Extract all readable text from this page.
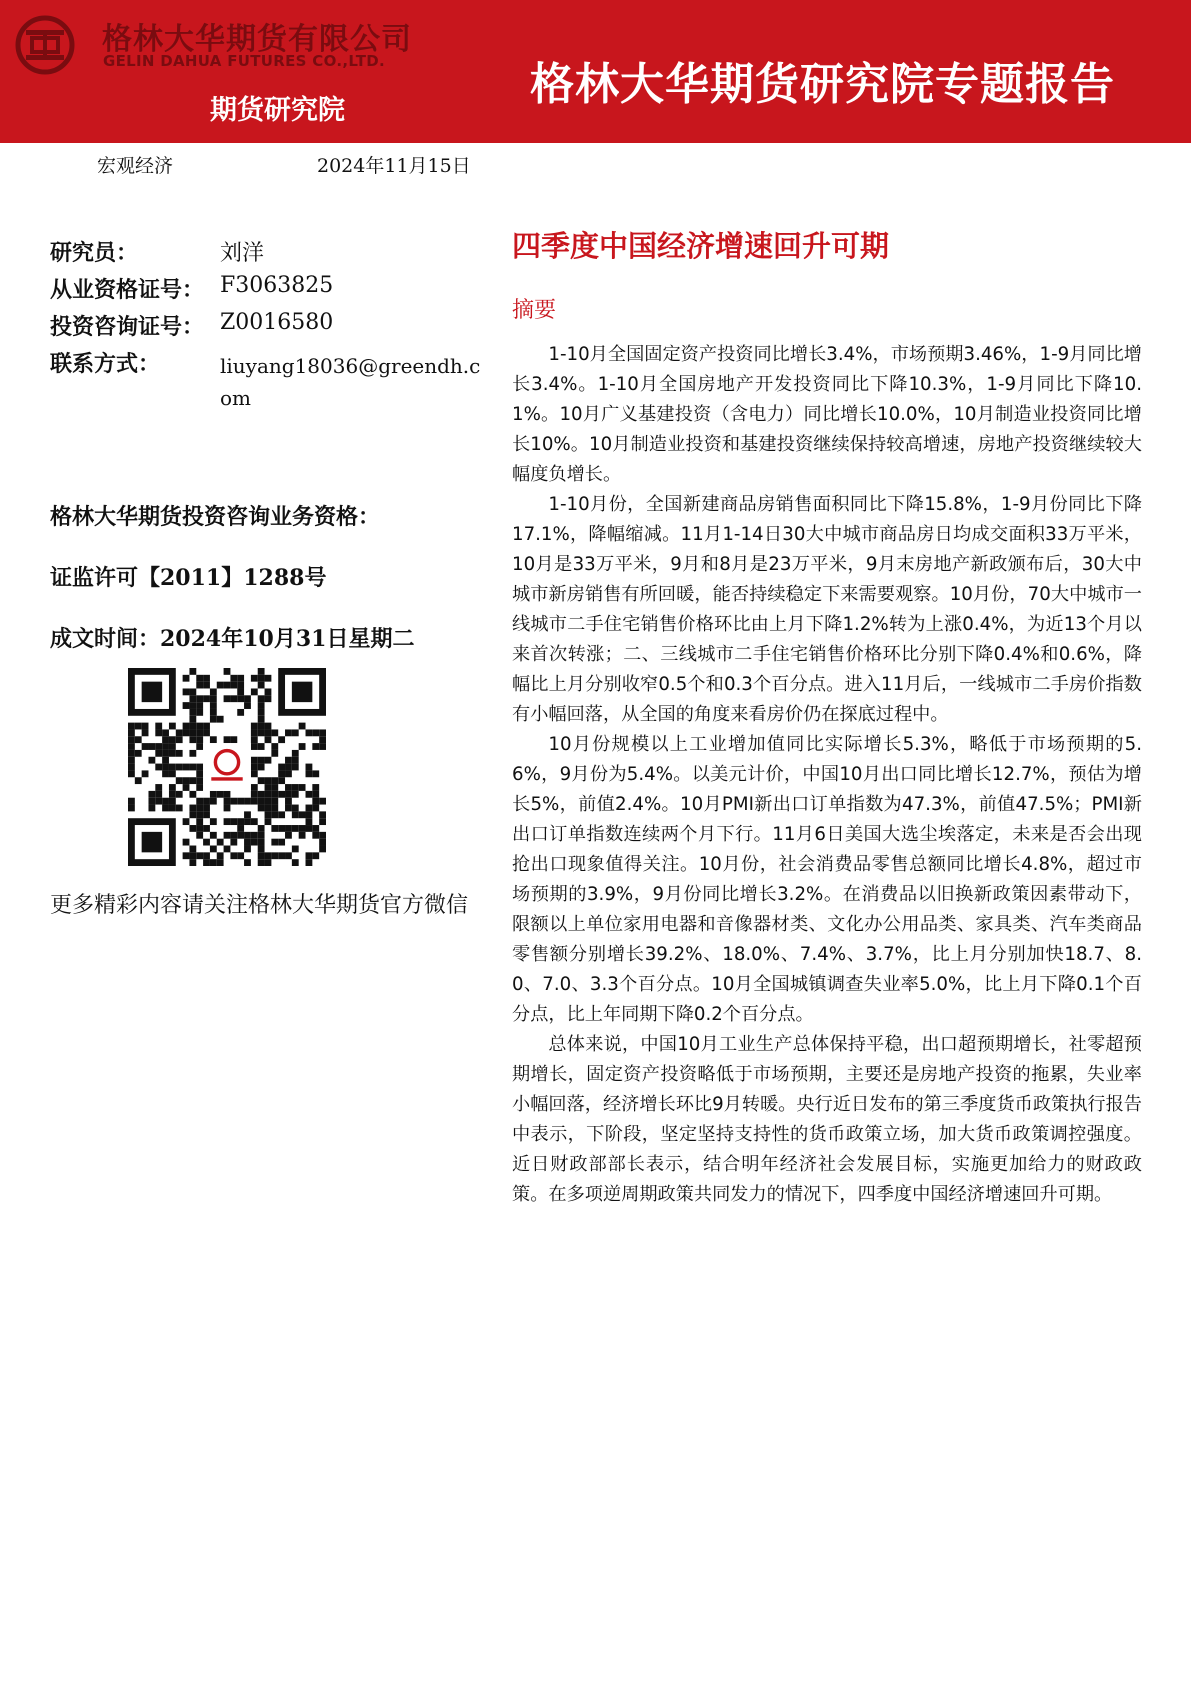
格林大华期货有限公司
GELIN DAHUA FUTURES CO.,LTD.
期货研究院
格林大华期货研究院专题报告
宏观经济	2024年11月15日
研究员：	刘洋
从业资格证号： F3063825
投资咨询证号： Z0016580
联系方式：	liuyang18036@greendh.com
格林大华期货投资咨询业务资格：
证监许可【2011】1288号
成文时间：2024年10月31日星期二
更多精彩内容请关注格林大华期货官方微信
四季度中国经济增速回升可期
摘要

1-10月全国固定资产投资同比增长3.4%，市场预期3.46%，1-9月同比增长3.4%。1-10月全国房地产开发投资同比下降10.3%，1-9月同比下降10.1%。10月广义基建投资（含电力）同比增长10.0%，10月制造业投资同比增长10%。10月制造业投资和基建投资继续保持较高增速，房地产投资继续较大幅度负增长。

1-10月份，全国新建商品房销售面积同比下降15.8%，1-9月份同比下降17.1%，降幅缩减。11月1-14日30大中城市商品房日均成交面积33万平米，10月是33万平米，9月和8月是23万平米，9月末房地产新政颁布后，30大中城市新房销售有所回暖，能否持续稳定下来需要观察。10月份，70大中城市一线城市二手住宅销售价格环比由上月下降1.2%转为上涨0.4%，为近13个月以来首次转涨；二、三线城市二手住宅销售价格环比分别下降0.4%和0.6%，降幅比上月分别收窄0.5个和0.3个百分点。进入11月后，一线城市二手房价指数有小幅回落，从全国的角度来看房价仍在探底过程中。

10月份规模以上工业增加值同比实际增长5.3%，略低于市场预期的5.6%，9月份为5.4%。以美元计价，中国10月出口同比增长12.7%，预估为增长5%，前值2.4%。10月PMI新出口订单指数为47.3%，前值47.5%；PMI新出口订单指数连续两个月下行。11月6日美国大选尘埃落定，未来是否会出现抢出口现象值得关注。10月份，社会消费品零售总额同比增长4.8%，超过市场预期的3.9%，9月份同比增长3.2%。在消费品以旧换新政策因素带动下，限额以上单位家用电器和音像器材类、文化办公用品类、家具类、汽车类商品零售额分别增长39.2%、18.0%、7.4%、3.7%，比上月分别加快18.7、8.0、7.0、3.3个百分点。10月全国城镇调查失业率5.0%，比上月下降0.1个百分点，比上年同期下降0.2个百分点。

总体来说，中国10月工业生产总体保持平稳，出口超预期增长，社零超预期增长，固定资产投资略低于市场预期，主要还是房地产投资的拖累，失业率小幅回落，经济增长环比9月转暖。央行近日发布的第三季度货币政策执行报告中表示，下阶段，坚定坚持支持性的货币政策立场，加大货币政策调控强度。近日财政部部长表示，结合明年经济社会发展目标，实施更加给力的财政政策。在多项逆周期政策共同发力的情况下，四季度中国经济增速回升可期。
